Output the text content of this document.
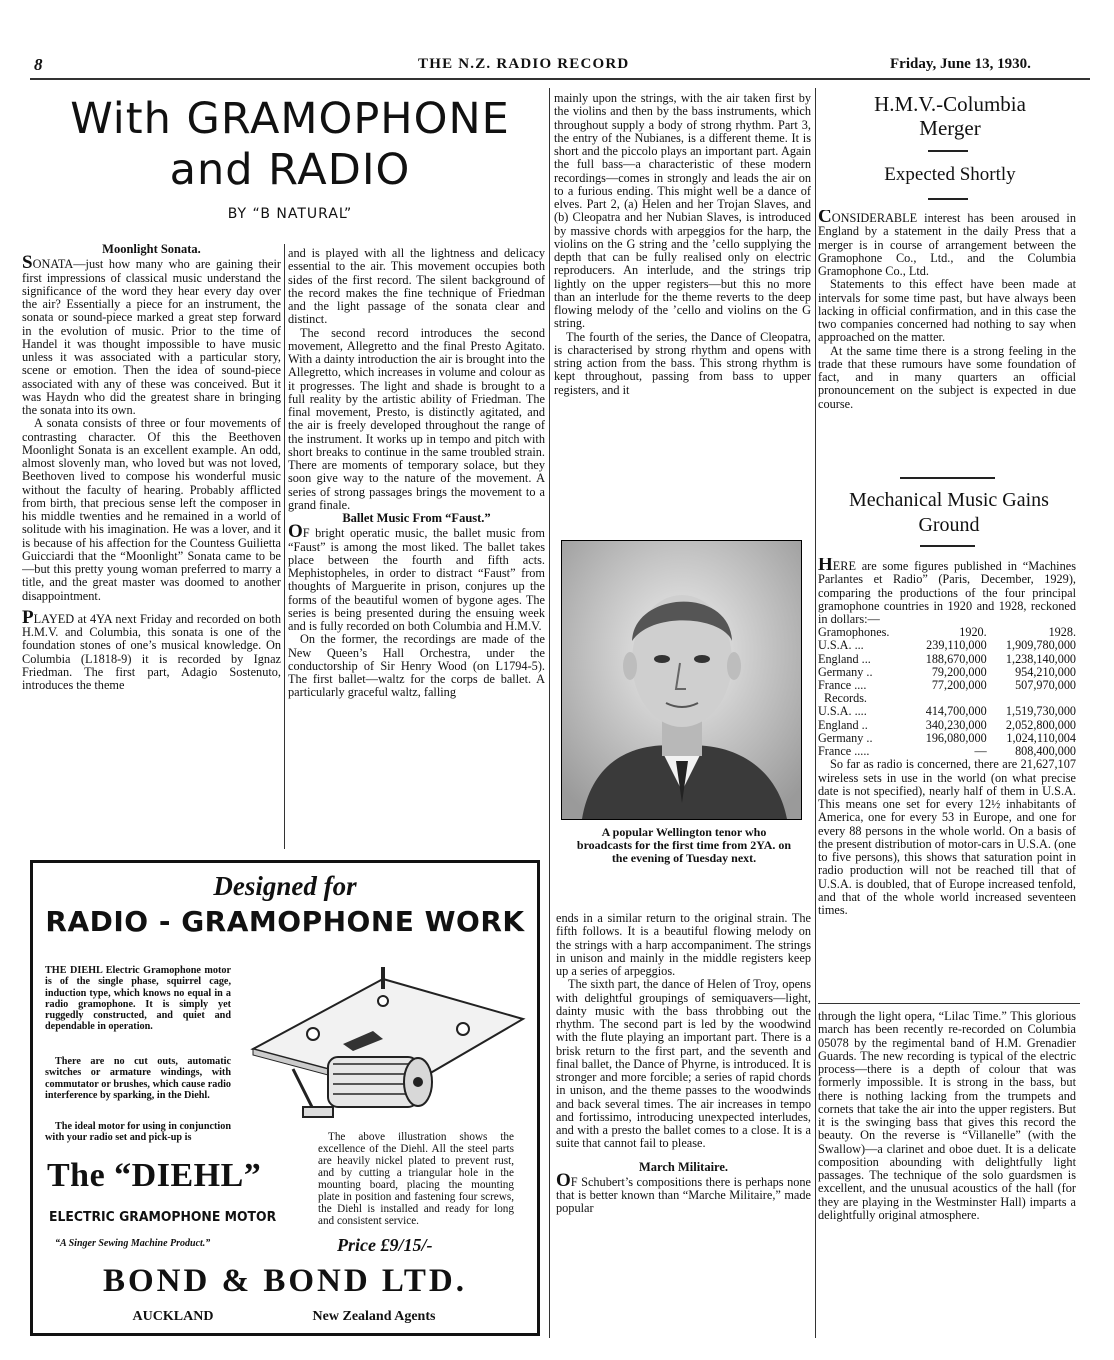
8	THE N.Z. RADIO RECORD	Friday, June 13, 1930.
With GRAMOPHONE
and RADIO
BY “B NATURAL”

Moonlight Sonata.

SONATA—just how many who are gaining their first impressions of classical music understand the significance of the word they hear every day over the air? Essentially a piece for an instrument, the sonata or sound-piece marked a great step forward in the evolution of music. Prior to the time of Handel it was thought impossible to have music unless it was associated with a particular story, scene or emotion. Then the idea of sound-piece associated with any of these was conceived. But it was Haydn who did the greatest share in bringing the sonata into its own.

A sonata consists of three or four movements of contrasting character. Of this the Beethoven Moonlight Sonata is an excellent example. An odd, almost slovenly man, who loved but was not loved, Beethoven lived to compose his wonderful music without the faculty of hearing. Probably afflicted from birth, that precious sense left the composer in his middle twenties and he remained in a world of solitude with his imagination. He was a lover, and it is because of his affection for the Countess Guilietta Guicciardi that the “Moonlight” Sonata came to be—but this pretty young woman preferred to marry a title, and the great master was doomed to another disappointment.

PLAYED at 4YA next Friday and recorded on both H.M.V. and Columbia, this sonata is one of the foundation stones of one’s musical knowledge. On Columbia (L1818-9) it is recorded by Ignaz Friedman. The first part, Adagio Sostenuto, introduces the theme

and is played with all the lightness and delicacy essential to the air. This movement occupies both sides of the first record. The silent background of the record makes the fine technique of Friedman and the light passage of the sonata clear and distinct.

The second record introduces the second movement, Allegretto and the final Presto Agitato. With a dainty introduction the air is brought into the Allegretto, which increases in volume and colour as it progresses. The light and shade is brought to a full reality by the artistic ability of Friedman. The final movement, Presto, is distinctly agitated, and the air is freely developed throughout the range of the instrument. It works up in tempo and pitch with short breaks to continue in the same troubled strain. There are moments of temporary solace, but they soon give way to the nature of the movement. A series of strong passages brings the movement to a grand finale.

Ballet Music From “Faust.”

OF bright operatic music, the ballet music from “Faust” is among the most liked. The ballet takes place between the fourth and fifth acts. Mephistopheles, in order to distract “Faust” from thoughts of Marguerite in prison, conjures up the forms of the beautiful women of bygone ages. The series is being presented during the ensuing week and is fully recorded on both Columbia and H.M.V.

On the former, the recordings are made of the New Queen’s Hall Orchestra, under the conductorship of Sir Henry Wood (on L1794-5). The first ballet—waltz for the corps de ballet. A particularly graceful waltz, falling

mainly upon the strings, with the air taken first by the violins and then by the bass instruments, which throughout supply a body of strong rhythm. Part 3, the entry of the Nubianes, is a different theme. It is short and the piccolo plays an important part. Again the full bass—a characteristic of these modern recordings—comes in strongly and leads the air on to a furious ending. This might well be a dance of elves. Part 2, (a) Helen and her Trojan Slaves, and (b) Cleopatra and her Nubian Slaves, is introduced by massive chords with arpeggios for the harp, the violins on the G string and the ’cello supplying the depth that can be fully realised only on electric reproducers. An interlude, and the strings trip lightly on the upper registers—but this no more than an interlude for the theme reverts to the deep flowing melody of the ’cello and violins on the G string.

The fourth of the series, the Dance of Cleopatra, is characterised by strong rhythm and opens with string action from the bass. This strong rhythm is kept throughout, passing from bass to upper registers, and it

A popular Wellington tenor who broadcasts for the first time from 2YA. on the evening of Tuesday next.

ends in a similar return to the original strain. The fifth follows. It is a beautiful flowing melody on the strings with a harp accompaniment. The strings in unison and mainly in the middle registers keep up a series of arpeggios.

The sixth part, the dance of Helen of Troy, opens with delightful groupings of semiquavers—light, dainty music with the bass throbbing out the rhythm. The second part is led by the woodwind with the flute playing an important part. There is a brisk return to the first part, and the seventh and final ballet, the Dance of Phyrne, is introduced. It is stronger and more forcible; a series of rapid chords in unison, and the theme passes to the woodwinds and back several times. The air increases in tempo and fortissimo, introducing unexpected interludes, and with a presto the ballet comes to a close. It is a suite that cannot fail to please.

March Militaire.

OF Schubert’s compositions there is perhaps none that is better known than “Marche Militaire,” made popular

H.M.V.-Columbia
Merger
Expected Shortly

CONSIDERABLE interest has been aroused in England by a statement in the daily Press that a merger is in course of arrangement between the Gramophone Co., Ltd., and the Columbia Gramophone Co., Ltd.

Statements to this effect have been made at intervals for some time past, but have always been lacking in official confirmation, and in this case the two companies concerned had nothing to say when approached on the matter.

At the same time there is a strong feeling in the trade that these rumours have some foundation of fact, and in many quarters an official pronouncement on the subject is expected in due course.

Mechanical Music Gains
Ground

HERE are some figures published in “Machines Parlantes et Radio” (Paris, December, 1929), comparing the productions of the four principal gramophone countries in 1920 and 1928, reckoned in dollars:—

Gramophones.	1920.	1928.
U.S.A. ...	239,110,000	1,909,780,000
England ...	188,670,000	1,238,140,000
Germany ..	79,200,000	954,210,000
France ....	77,200,000	507,970,000
Records.		
U.S.A. ....	414,700,000	1,519,730,000
England ..	340,230,000	2,052,800,000
Germany ..	196,080,000	1,024,110,004
France .....	—	808,400,000

So far as radio is concerned, there are 21,627,107 wireless sets in use in the world (on what precise date is not specified), nearly half of them in U.S.A. This means one set for every 12½ inhabitants of America, one for every 53 in Europe, and one for every 88 persons in the whole world. On a basis of the present distribution of motor-cars in U.S.A. (one to five persons), this shows that saturation point in radio production will not be reached till that of U.S.A. is doubled, that of Europe increased tenfold, and that of the whole world increased seventeen times.

through the light opera, “Lilac Time.” This glorious march has been recently re-recorded on Columbia 05078 by the regimental band of H.M. Grenadier Guards. The new recording is typical of the electric process—there is a depth of colour that was formerly impossible. It is strong in the bass, but there is nothing lacking from the trumpets and cornets that take the air into the upper registers. But it is the swinging bass that gives this record the beauty. On the reverse is “Villanelle” (with the Swallow)—a clarinet and oboe duet. It is a delicate composition abounding with delightfully light passages. The technique of the solo guardsmen is excellent, and the unusual acoustics of the hall (for they are playing in the Westminster Hall) imparts a delightfully original atmosphere.

Designed for
RADIO - GRAMOPHONE WORK
THE DIEHL Electric Gramophone motor is of the single phase, squirrel cage, induction type, which knows no equal in a radio gramophone. It is simply yet ruggedly constructed, and quiet and dependable in operation.
There are no cut outs, automatic switches or armature windings, with commutator or brushes, which cause radio interference by sparking, in the Diehl.
The ideal motor for using in conjunction with your radio set and pick-up is	The above illustration shows the excellence of the Diehl. All the steel parts are heavily nickel plated to prevent rust, and by cutting a triangular hole in the mounting board, placing the mounting plate in position and fastening four screws, the Diehl is installed and ready for long and consistent service.
The “DIEHL”
ELECTRIC GRAMOPHONE MOTOR
“A Singer Sewing Machine Product.”	Price £9/15/-
BOND & BOND LTD.
AUCKLAND	New Zealand Agents
